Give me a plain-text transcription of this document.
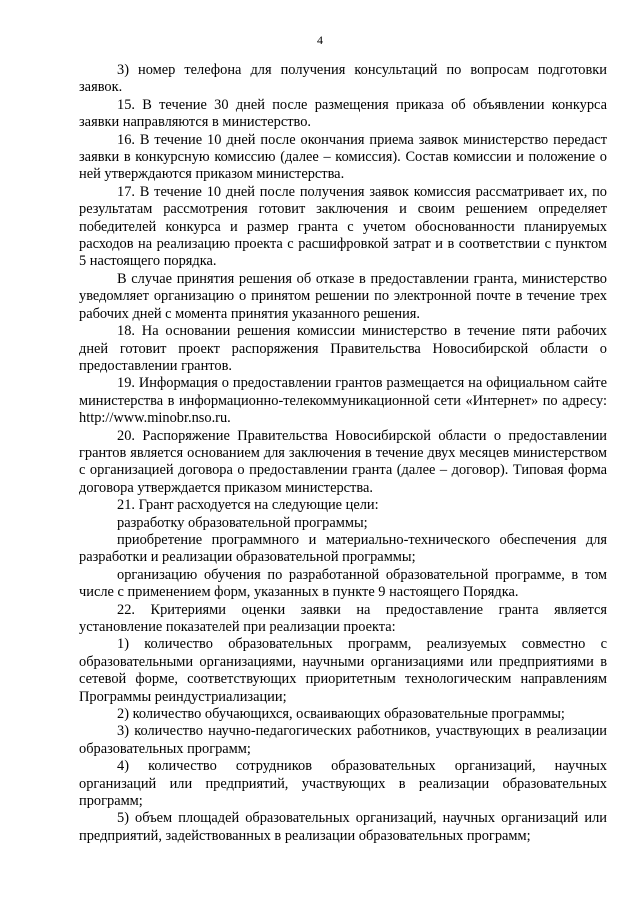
4

3) номер телефона для получения консультаций по вопросам подготовки заявок.

15. В течение 30 дней после размещения приказа об объявлении конкурса заявки направляются в министерство.

16. В течение 10 дней после окончания приема заявок министерство передаст заявки в конкурсную комиссию (далее – комиссия). Состав комиссии и положение о ней утверждаются приказом министерства.

17. В течение 10 дней после получения заявок комиссия рассматривает их, по результатам рассмотрения готовит заключения и своим решением определяет победителей конкурса и размер гранта с учетом обоснованности планируемых расходов на реализацию проекта с расшифровкой затрат и в соответствии с пунктом 5 настоящего порядка.

В случае принятия решения об отказе в предоставлении гранта, министерство уведомляет организацию о принятом решении по электронной почте в течение трех рабочих дней с момента принятия указанного решения.

18. На основании решения комиссии министерство в течение пяти рабочих дней готовит проект распоряжения Правительства Новосибирской области о предоставлении грантов.

19. Информация о предоставлении грантов размещается на официальном сайте министерства в информационно-телекоммуникационной сети «Интернет» по адресу: http://www.minobr.nso.ru.

20. Распоряжение Правительства Новосибирской области о предоставлении грантов является основанием для заключения в течение двух месяцев министерством с организацией договора о предоставлении гранта (далее – договор). Типовая форма договора утверждается приказом министерства.

21. Грант расходуется на следующие цели:

разработку образовательной программы;

приобретение программного и материально-технического обеспечения для разработки и реализации образовательной программы;

организацию обучения по разработанной образовательной программе, в том числе с применением форм, указанных в пункте 9 настоящего Порядка.

22. Критериями оценки заявки на предоставление гранта является установление показателей при реализации проекта:

1) количество образовательных программ, реализуемых совместно с образовательными организациями, научными организациями или предприятиями в сетевой форме, соответствующих приоритетным технологическим направлениям Программы реиндустриализации;

2) количество обучающихся, осваивающих образовательные программы;

3) количество научно-педагогических работников, участвующих в реализации образовательных программ;

4) количество сотрудников образовательных организаций, научных организаций или предприятий, участвующих в реализации образовательных программ;

5) объем площадей образовательных организаций, научных организаций или предприятий, задействованных в реализации образовательных программ;
